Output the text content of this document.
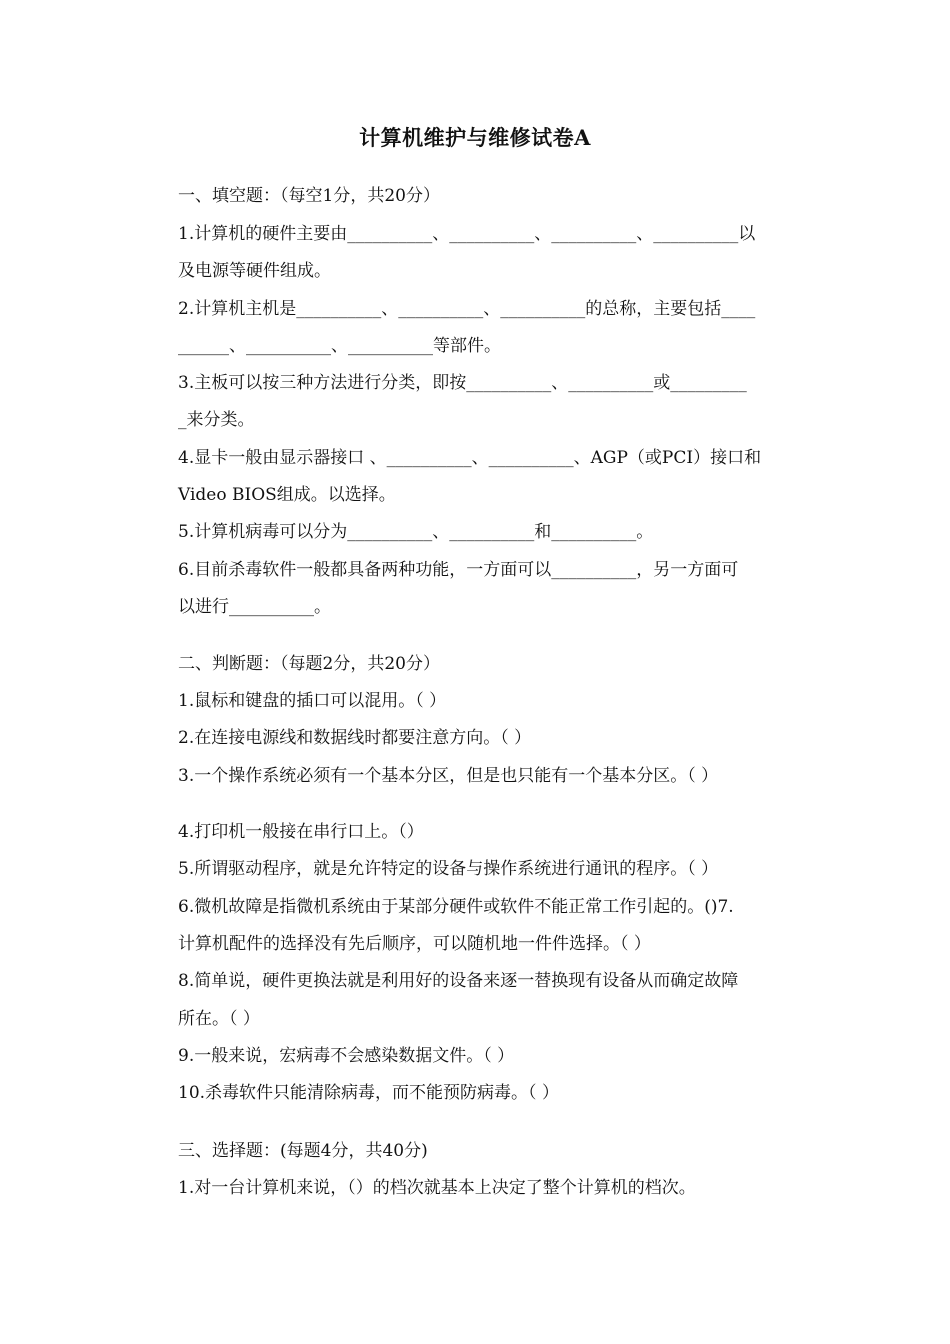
计算机维护与维修试卷A

一、填空题：（每空1分，共20分）

1.计算机的硬件主要由__________、__________、__________、__________以

及电源等硬件组成。

2.计算机主机是__________、__________、__________的总称，主要包括____

______、__________、__________等部件。

3.主板可以按三种方法进行分类，即按__________、__________或_________

_来分类。

4.显卡一般由显示器接口 、__________、__________、AGP（或PCI）接口和

Video BIOS组成。以选择。

5.计算机病毒可以分为__________、__________和__________。

6.目前杀毒软件一般都具备两种功能，一方面可以__________，另一方面可

以进行__________。

二、判断题：（每题2分，共20分）

1.鼠标和键盘的插口可以混用。（ ）

2.在连接电源线和数据线时都要注意方向。（ ）

3.一个操作系统必须有一个基本分区，但是也只能有一个基本分区。（ ）

4.打印机一般接在串行口上。（）

5.所谓驱动程序，就是允许特定的设备与操作系统进行通讯的程序。（ ）

6.微机故障是指微机系统由于某部分硬件或软件不能正常工作引起的。()7.

计算机配件的选择没有先后顺序，可以随机地一件件选择。（ ）

8.简单说，硬件更换法就是利用好的设备来逐一替换现有设备从而确定故障

所在。（ ）

9.一般来说，宏病毒不会感染数据文件。（ ）

10.杀毒软件只能清除病毒，而不能预防病毒。（ ）

三、选择题：(每题4分，共40分)

1.对一台计算机来说，（）的档次就基本上决定了整个计算机的档次。
